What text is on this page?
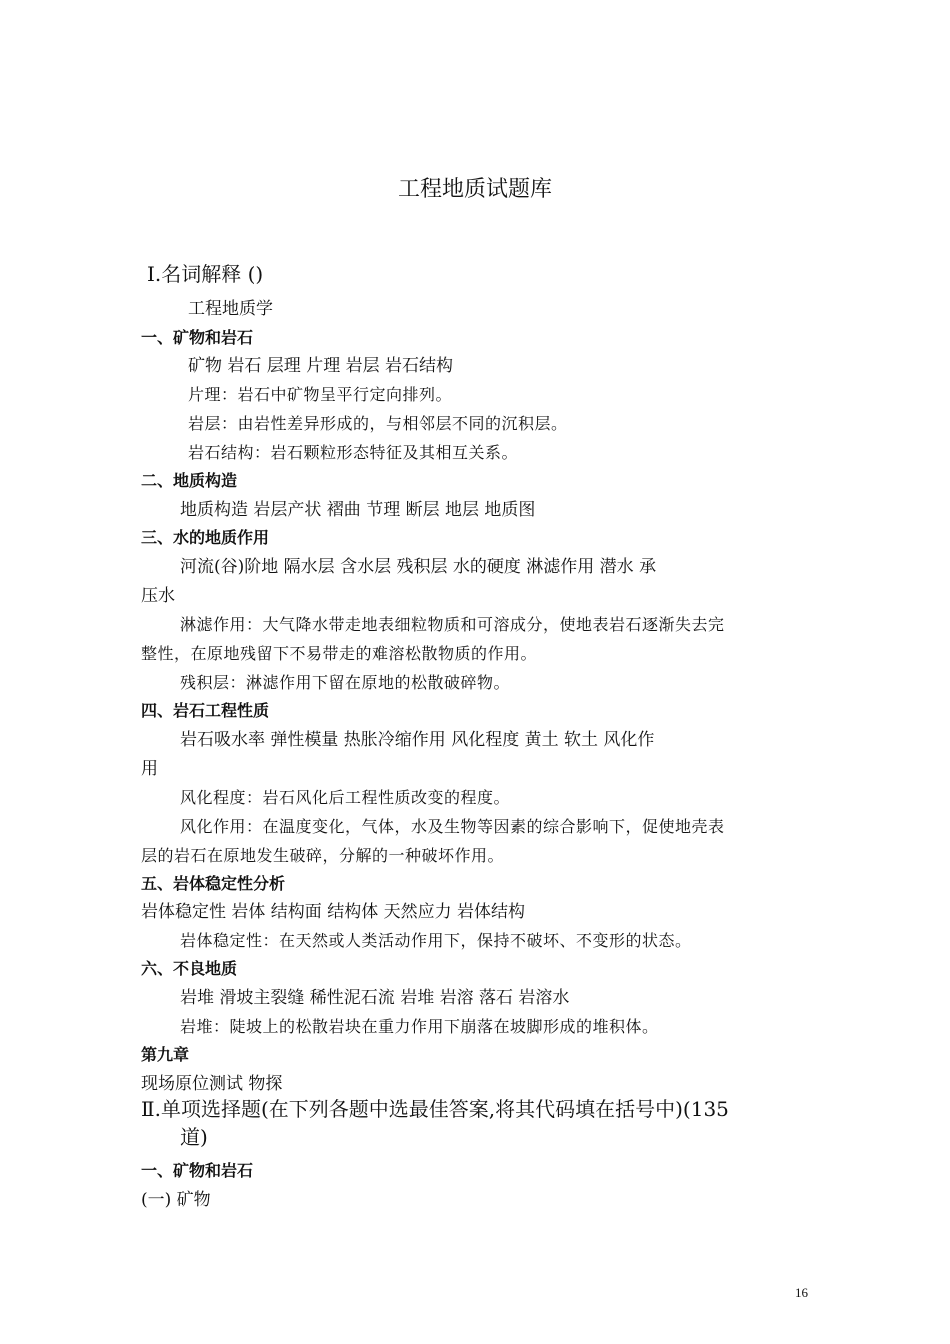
工程地质试题库
Ⅰ.名词解释 ()
工程地质学
一、矿物和岩石
矿物 岩石 层理 片理 岩层 岩石结构
片理：岩石中矿物呈平行定向排列。
岩层：由岩性差异形成的，与相邻层不同的沉积层。
岩石结构：岩石颗粒形态特征及其相互关系。
二、地质构造
地质构造 岩层产状 褶曲 节理 断层 地层 地质图
三、水的地质作用
河流(谷)阶地 隔水层 含水层 残积层 水的硬度 淋滤作用 潜水 承
压水
淋滤作用：大气降水带走地表细粒物质和可溶成分，使地表岩石逐渐失去完
整性，在原地残留下不易带走的难溶松散物质的作用。
残积层：淋滤作用下留在原地的松散破碎物。
四、岩石工程性质
岩石吸水率 弹性模量 热胀冷缩作用 风化程度 黄土 软土 风化作
用
风化程度：岩石风化后工程性质改变的程度。
风化作用：在温度变化，气体，水及生物等因素的综合影响下，促使地壳表
层的岩石在原地发生破碎，分解的一种破坏作用。
五、岩体稳定性分析
岩体稳定性 岩体 结构面 结构体 天然应力 岩体结构
岩体稳定性：在天然或人类活动作用下，保持不破坏、不变形的状态。
六、不良地质
岩堆 滑坡主裂缝 稀性泥石流 岩堆 岩溶 落石 岩溶水
岩堆：陡坡上的松散岩块在重力作用下崩落在坡脚形成的堆积体。
第九章
现场原位测试 物探
Ⅱ.单项选择题(在下列各题中选最佳答案,将其代码填在括号中)(135
道)
一、矿物和岩石
(一) 矿物
16
